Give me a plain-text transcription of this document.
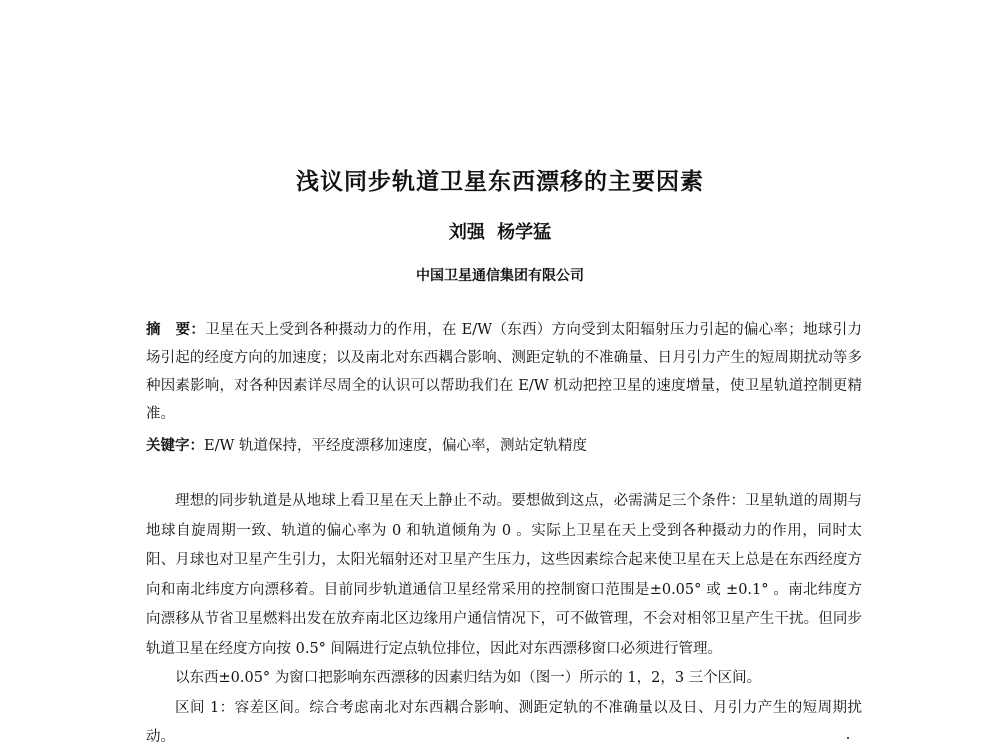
浅议同步轨道卫星东西漂移的主要因素
刘强 杨学猛
中国卫星通信集团有限公司

摘　要：卫星在天上受到各种摄动力的作用，在 E/W（东西）方向受到太阳辐射压力引起的偏心率；地球引力场引起的经度方向的加速度；以及南北对东西耦合影响、测距定轨的不准确量、日月引力产生的短周期扰动等多种因素影响，对各种因素详尽周全的认识可以帮助我们在 E/W 机动把控卫星的速度增量，使卫星轨道控制更精准。

关键字：E/W 轨道保持，平经度漂移加速度，偏心率，测站定轨精度

理想的同步轨道是从地球上看卫星在天上静止不动。要想做到这点，必需满足三个条件：卫星轨道的周期与地球自旋周期一致、轨道的偏心率为 0 和轨道倾角为 0 。实际上卫星在天上受到各种摄动力的作用，同时太阳、月球也对卫星产生引力，太阳光辐射还对卫星产生压力，这些因素综合起来使卫星在天上总是在东西经度方向和南北纬度方向漂移着。目前同步轨道通信卫星经常采用的控制窗口范围是±0.05° 或 ±0.1° 。南北纬度方向漂移从节省卫星燃料出发在放弃南北区边缘用户通信情况下，可不做管理，不会对相邻卫星产生干扰。但同步轨道卫星在经度方向按 0.5° 间隔进行定点轨位排位，因此对东西漂移窗口必须进行管理。

以东西±0.05° 为窗口把影响东西漂移的因素归结为如（图一）所示的 1，2，3 三个区间。

区间 1：容差区间。综合考虑南北对东西耦合影响、测距定轨的不准确量以及日、月引力产生的短周期扰动。
